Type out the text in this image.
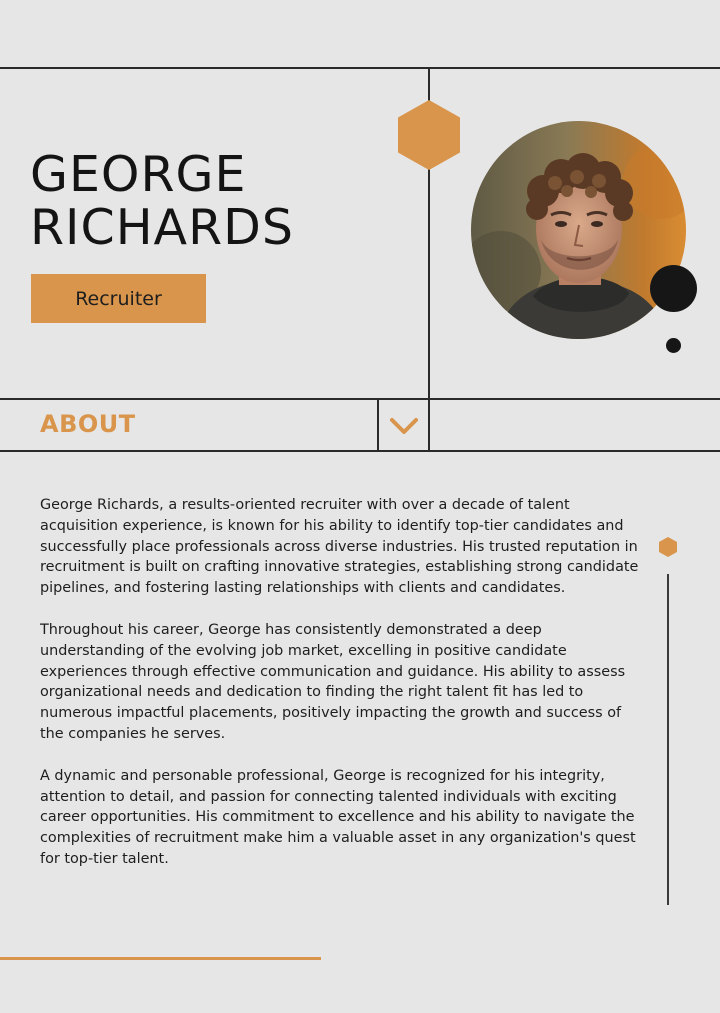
GEORGE
RICHARDS
Recruiter
ABOUT

George Richards, a results-oriented recruiter with over a decade of talent acquisition experience, is known for his ability to identify top-tier candidates and successfully place professionals across diverse industries. His trusted reputation in recruitment is built on crafting innovative strategies, establishing strong candidate pipelines, and fostering lasting relationships with clients and candidates.

Throughout his career, George has consistently demonstrated a deep understanding of the evolving job market, excelling in positive candidate experiences through effective communication and guidance. His ability to assess organizational needs and dedication to finding the right talent fit has led to numerous impactful placements, positively impacting the growth and success of the companies he serves.

A dynamic and personable professional, George is recognized for his integrity, attention to detail, and passion for connecting talented individuals with exciting career opportunities. His commitment to excellence and his ability to navigate the complexities of recruitment make him a valuable asset in any organization's quest for top-tier talent.
